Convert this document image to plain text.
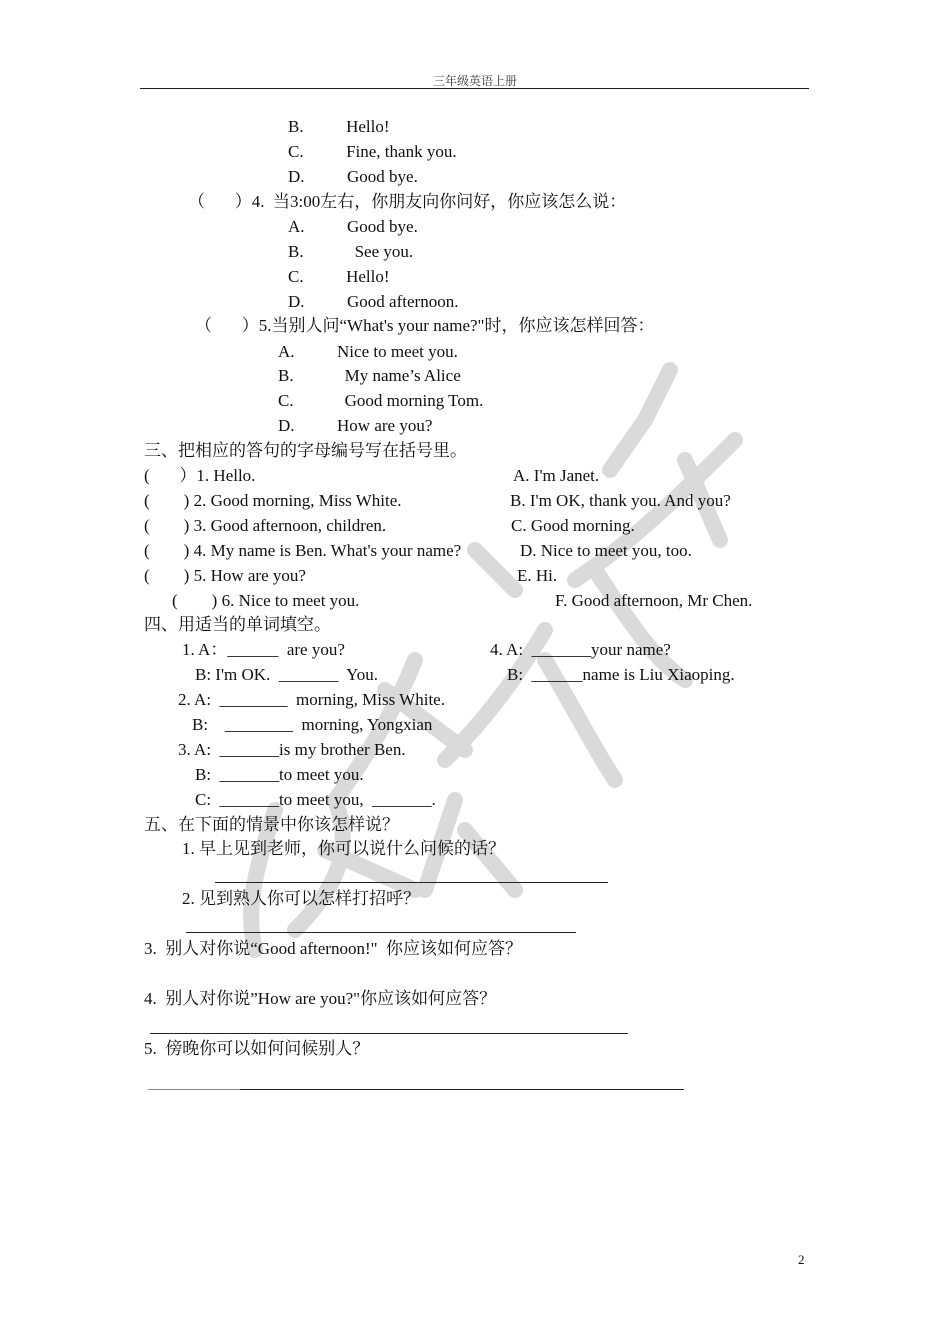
三年级英语上册
B.          Hello!
C.          Fine, thank you.
D.          Good bye.
（       ）4.  当3:00左右，你朋友向你问好，你应该怎么说：
A.          Good bye.
B.            See you.
C.          Hello!
D.          Good afternoon.
（       ）5.当别人问“What's your name?"时，你应该怎样回答：
A.          Nice to meet you.
B.            My name’s Alice
C.            Good morning Tom.
D.          How are you?
三、把相应的答句的字母编号写在括号里。
(       ）1. Hello.	A. I'm Janet.
(        ) 2. Good morning, Miss White.	B. I'm OK, thank you. And you?
(        ) 3. Good afternoon, children.	C. Good morning.
(        ) 4. My name is Ben. What's your name?	D. Nice to meet you, too.
(        ) 5. How are you?	E. Hi.
(        ) 6. Nice to meet you.	F. Good afternoon, Mr Chen.
四、用适当的单词填空。
1. A：______  are you?	4. A:  _______your name?
B: I'm OK.  _______  You.	B:  ______name is Liu Xiaoping.
2. A:  ________  morning, Miss White.
B:    ________  morning, Yongxian
3. A:  _______is my brother Ben.
B:  _______to meet you.
C:  _______to meet you,  _______.
五、在下面的情景中你该怎样说？
1. 早上见到老师，你可以说什么问候的话？
2. 见到熟人你可以怎样打招呼？
3.  别人对你说“Good afternoon!"  你应该如何应答？
4.  别人对你说”How are you?"你应该如何应答？
5.  傍晚你可以如何问候别人？
2
